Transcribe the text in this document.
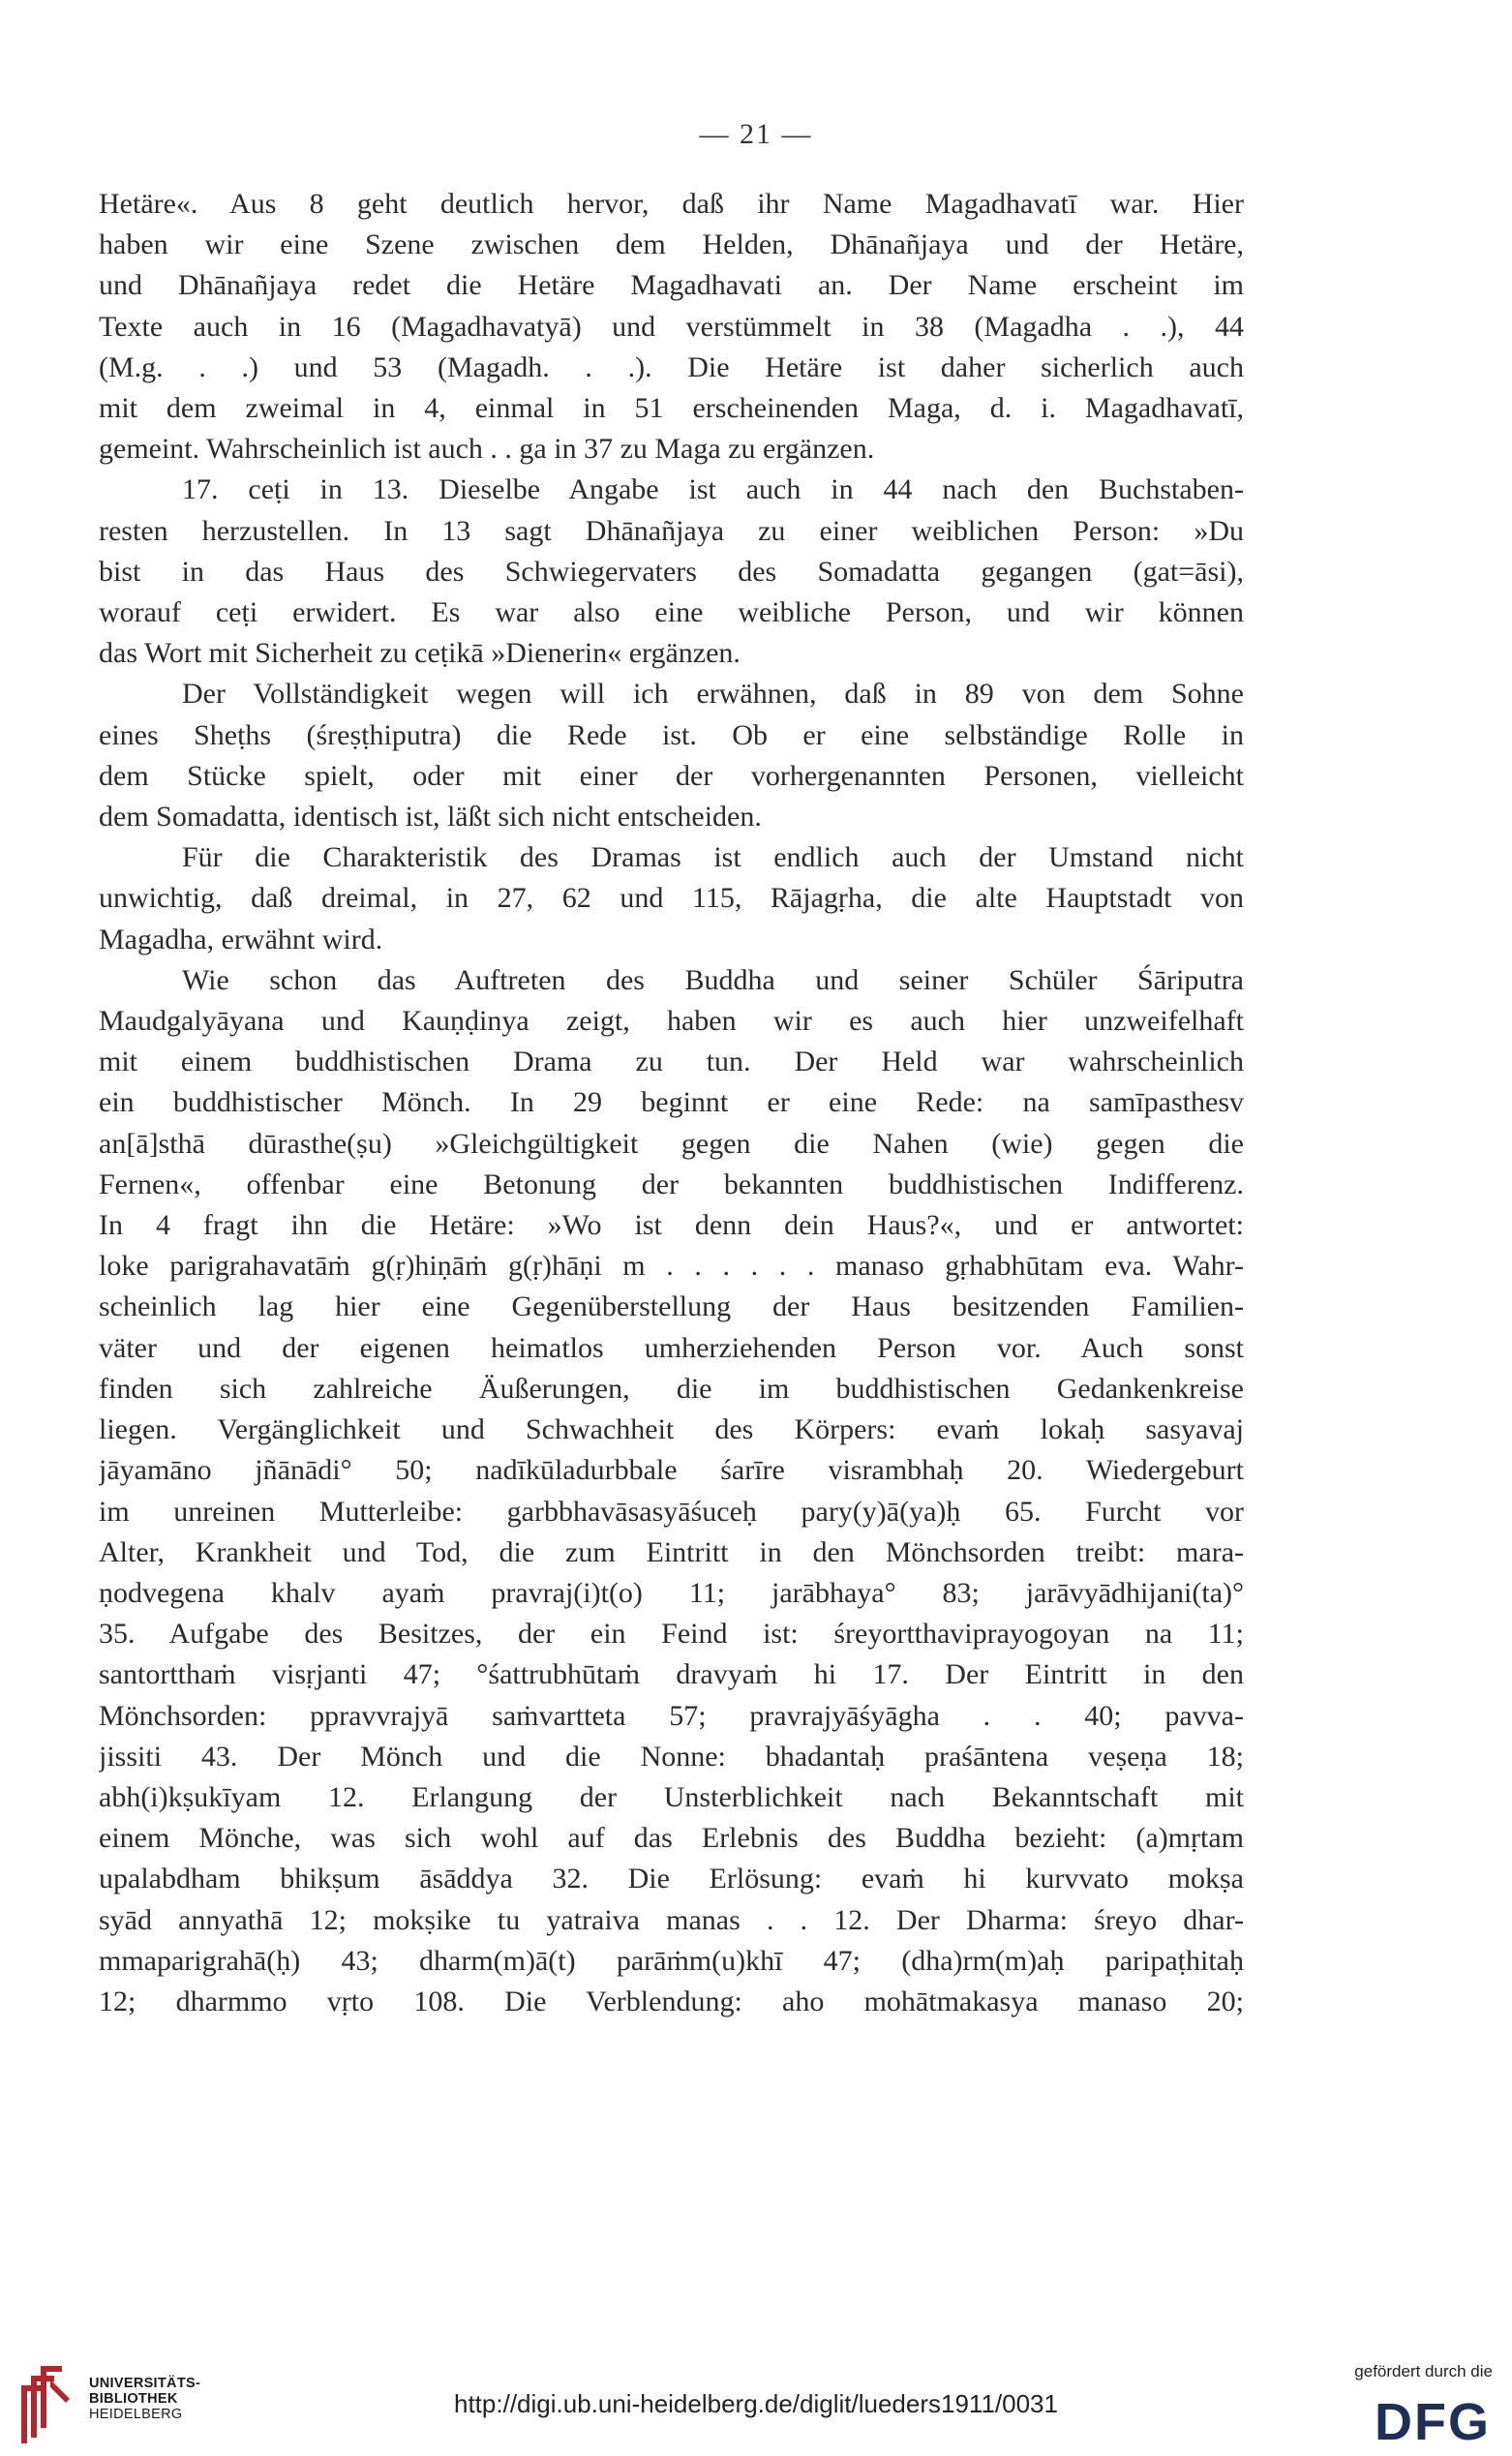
— 21 —
Hetäre«. Aus 8 geht deutlich hervor, daß ihr Name Magadhavatī war. Hier
haben wir eine Szene zwischen dem Helden, Dhānañjaya und der Hetäre,
und Dhānañjaya redet die Hetäre Magadhavati an. Der Name erscheint im
Texte auch in 16 (Magadhavatyā) und verstümmelt in 38 (Magadha . .), 44
(M.g. . .) und 53 (Magadh. . .). Die Hetäre ist daher sicherlich auch
mit dem zweimal in 4, einmal in 51 erscheinenden Maga, d. i. Magadhavatī,
gemeint. Wahrscheinlich ist auch . . ga in 37 zu Maga zu ergänzen.
17. ceṭi in 13. Dieselbe Angabe ist auch in 44 nach den Buchstaben-
resten herzustellen. In 13 sagt Dhānañjaya zu einer weiblichen Person: »Du
bist in das Haus des Schwiegervaters des Somadatta gegangen (gat=āsi),
worauf ceṭi erwidert. Es war also eine weibliche Person, und wir können
das Wort mit Sicherheit zu ceṭikā »Dienerin« ergänzen.
Der Vollständigkeit wegen will ich erwähnen, daß in 89 von dem Sohne
eines Sheṭhs (śreṣṭhiputra) die Rede ist. Ob er eine selbständige Rolle in
dem Stücke spielt, oder mit einer der vorhergenannten Personen, vielleicht
dem Somadatta, identisch ist, läßt sich nicht entscheiden.
Für die Charakteristik des Dramas ist endlich auch der Umstand nicht
unwichtig, daß dreimal, in 27, 62 und 115, Rājagṛha, die alte Hauptstadt von
Magadha, erwähnt wird.
Wie schon das Auftreten des Buddha und seiner Schüler Śāriputra
Maudgalyāyana und Kauṇḍinya zeigt, haben wir es auch hier unzweifelhaft
mit einem buddhistischen Drama zu tun. Der Held war wahrscheinlich
ein buddhistischer Mönch. In 29 beginnt er eine Rede: na samīpasthesv
an[ā]sthā dūrasthe(ṣu) »Gleichgültigkeit gegen die Nahen (wie) gegen die
Fernen«, offenbar eine Betonung der bekannten buddhistischen Indifferenz.
In 4 fragt ihn die Hetäre: »Wo ist denn dein Haus?«, und er antwortet:
loke parigrahavatāṁ g(ṛ)hiṇāṁ g(ṛ)hāṇi m . . . . . . manaso gṛhabhūtam eva. Wahr-
scheinlich lag hier eine Gegenüberstellung der Haus besitzenden Familien-
väter und der eigenen heimatlos umherziehenden Person vor. Auch sonst
finden sich zahlreiche Äußerungen, die im buddhistischen Gedankenkreise
liegen. Vergänglichkeit und Schwachheit des Körpers: evaṁ lokaḥ sasyavaj
jāyamāno jñānādi° 50; nadīkūladurbbale śarīre visrambhaḥ 20. Wiedergeburt
im unreinen Mutterleibe: garbbhavāsasyāśuceḥ pary(y)ā(ya)ḥ 65. Furcht vor
Alter, Krankheit und Tod, die zum Eintritt in den Mönchsorden treibt: mara-
ṇodvegena khalv ayaṁ pravraj(i)t(o) 11; jarābhaya° 83; jarāvyādhijani(ta)°
35. Aufgabe des Besitzes, der ein Feind ist: śreyortthaviprayogoyan na 11;
santortthaṁ visṛjanti 47; °śattrubhūtaṁ dravyaṁ hi 17. Der Eintritt in den
Mönchsorden: ppravvrajyā saṁvartteta 57; pravrajyāśyāgha . . 40; pavva-
jissiti 43. Der Mönch und die Nonne: bhadantaḥ praśāntena veṣeṇa 18;
abh(i)kṣukīyam 12. Erlangung der Unsterblichkeit nach Bekanntschaft mit
einem Mönche, was sich wohl auf das Erlebnis des Buddha bezieht: (a)mṛtam
upalabdham bhikṣum āsāddya 32. Die Erlösung: evaṁ hi kurvvato mokṣa
syād annyathā 12; mokṣike tu yatraiva manas . . 12. Der Dharma: śreyo dhar-
mmaparigrahā(ḥ) 43; dharm(m)ā(t) parāṁm(u)khī 47; (dha)rm(m)aḥ paripaṭhitaḥ
12; dharmmo vṛto 108. Die Verblendung: aho mohātmakasya manaso 20;
UNIVERSITÄTS-
BIBLIOTHEK
HEIDELBERG	http://digi.ub.uni-heidelberg.de/diglit/lueders1911/0031
gefördert durch die
DFG
